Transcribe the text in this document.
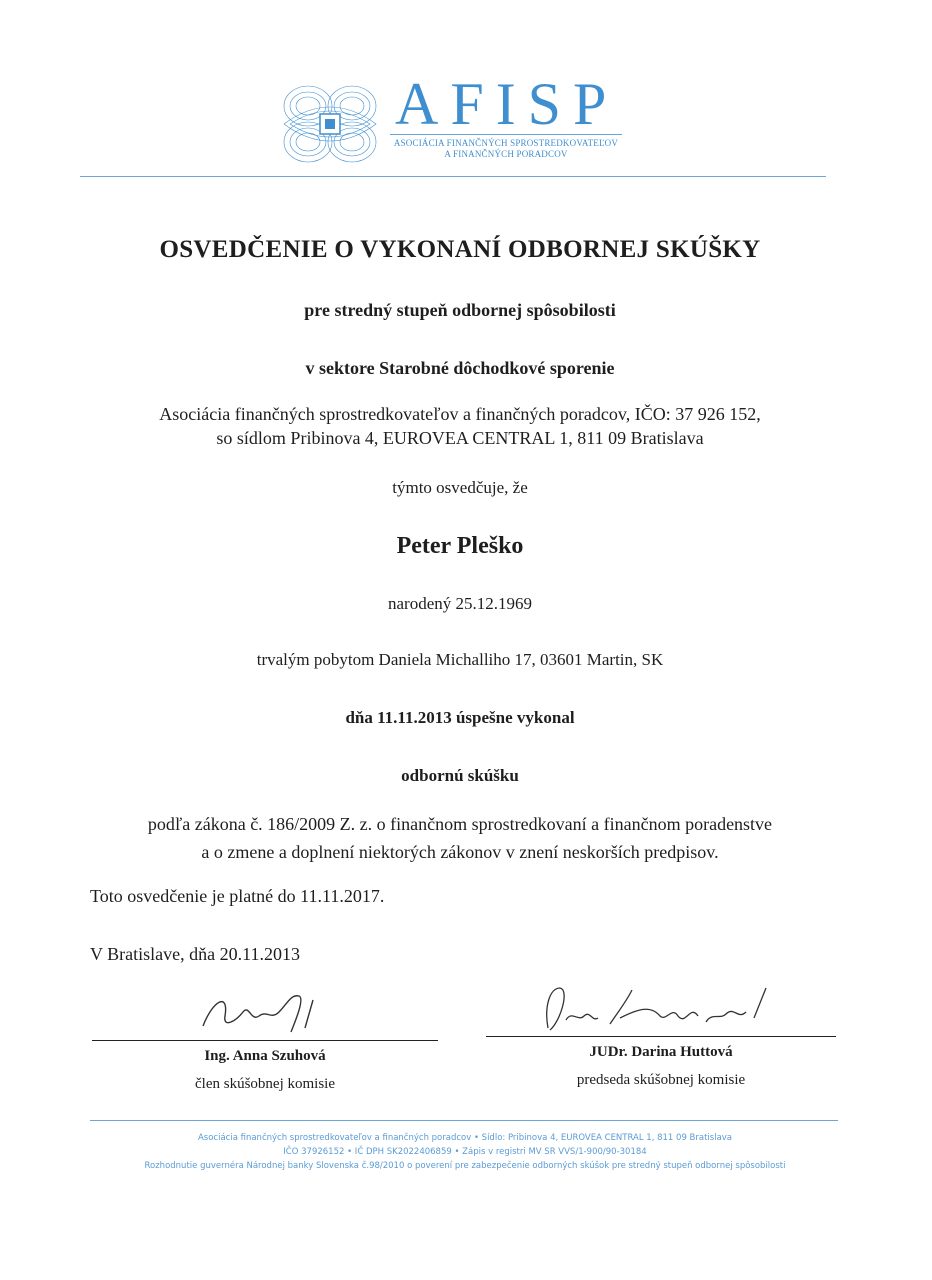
AFISP
ASOCIÁCIA FINANČNÝCH SPROSTREDKOVATEĽOV
A FINANČNÝCH PORADCOV
OSVEDČENIE O VYKONANÍ ODBORNEJ SKÚŠKY
pre stredný stupeň odbornej spôsobilosti
v sektore Starobné dôchodkové sporenie
Asociácia finančných sprostredkovateľov a finančných poradcov, IČO: 37 926 152,
so sídlom Pribinova 4, EUROVEA CENTRAL 1, 811 09 Bratislava
týmto osvedčuje, že
Peter Pleško
narodený 25.12.1969
trvalým pobytom Daniela Michalliho 17, 03601 Martin, SK
dňa 11.11.2013 úspešne vykonal
odbornú skúšku
podľa zákona č. 186/2009 Z. z. o finančnom sprostredkovaní a finančnom poradenstve
a o zmene a doplnení niektorých zákonov v znení neskorších predpisov.
Toto osvedčenie je platné do 11.11.2017.
V Bratislave, dňa 20.11.2013
Ing. Anna Szuhová
člen skúšobnej komisie
JUDr. Darina Huttová
predseda skúšobnej komisie
Asociácia finančných sprostredkovateľov a finančných poradcov • Sídlo: Pribinova 4, EUROVEA CENTRAL 1, 811 09 Bratislava
IČO 37926152 • IČ DPH SK2022406859 • Zápis v registri MV SR VVS/1-900/90-30184
Rozhodnutie guvernéra Národnej banky Slovenska č.98/2010 o poverení pre zabezpečenie odborných skúšok pre stredný stupeň odbornej spôsobilosti
